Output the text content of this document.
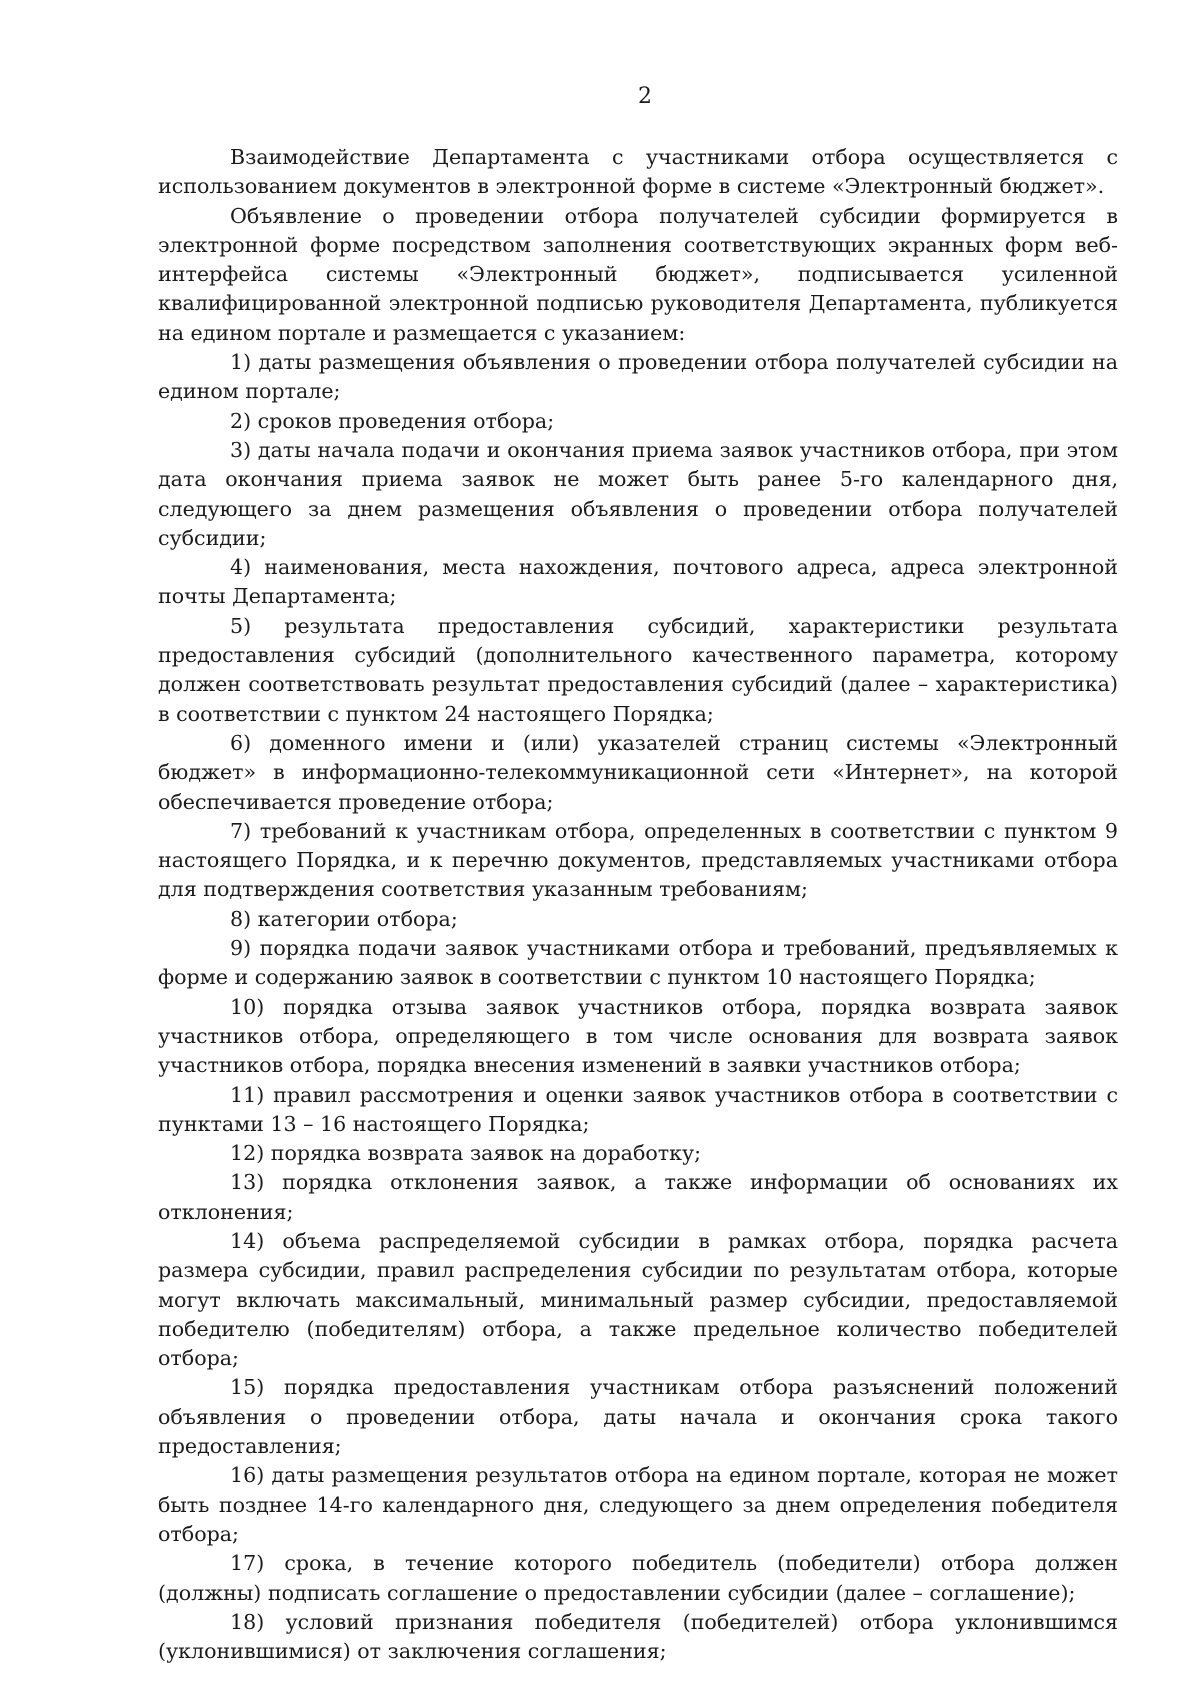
2

Взаимодействие Департамента с участниками отбора осуществляется с использованием документов в электронной форме в системе «Электронный бюджет».

Объявление о проведении отбора получателей субсидии формируется в электронной форме посредством заполнения соответствующих экранных форм веб-интерфейса системы «Электронный бюджет», подписывается усиленной квалифицированной электронной подписью руководителя Департамента, публикуется на едином портале и размещается с указанием:

1) даты размещения объявления о проведении отбора получателей субсидии на едином портале;

2) сроков проведения отбора;

3) даты начала подачи и окончания приема заявок участников отбора, при этом дата окончания приема заявок не может быть ранее 5-го календарного дня, следующего за днем размещения объявления о проведении отбора получателей субсидии;

4) наименования, места нахождения, почтового адреса, адреса электронной почты Департамента;

5) результата предоставления субсидий, характеристики результата предоставления субсидий (дополнительного качественного параметра, которому должен соответствовать результат предоставления субсидий (далее – характеристика) в соответствии с пунктом 24 настоящего Порядка;

6) доменного имени и (или) указателей страниц системы «Электронный бюджет» в информационно-телекоммуникационной сети «Интернет», на которой обеспечивается проведение отбора;

7) требований к участникам отбора, определенных в соответствии с пунктом 9 настоящего Порядка, и к перечню документов, представляемых участниками отбора для подтверждения соответствия указанным требованиям;

8) категории отбора;

9) порядка подачи заявок участниками отбора и требований, предъявляемых к форме и содержанию заявок в соответствии с пунктом 10 настоящего Порядка;

10) порядка отзыва заявок участников отбора, порядка возврата заявок участников отбора, определяющего в том числе основания для возврата заявок участников отбора, порядка внесения изменений в заявки участников отбора;

11) правил рассмотрения и оценки заявок участников отбора в соответствии с пунктами 13 – 16 настоящего Порядка;

12) порядка возврата заявок на доработку;

13) порядка отклонения заявок, а также информации об основаниях их отклонения;

14) объема распределяемой субсидии в рамках отбора, порядка расчета размера субсидии, правил распределения субсидии по результатам отбора, которые могут включать максимальный, минимальный размер субсидии, предоставляемой победителю (победителям) отбора, а также предельное количество победителей отбора;

15) порядка предоставления участникам отбора разъяснений положений объявления о проведении отбора, даты начала и окончания срока такого предоставления;

16) даты размещения результатов отбора на едином портале, которая не может быть позднее 14-го календарного дня, следующего за днем определения победителя отбора;

17) срока, в течение которого победитель (победители) отбора должен (должны) подписать соглашение о предоставлении субсидии (далее – соглашение);

18) условий признания победителя (победителей) отбора уклонившимся (уклонившимися) от заключения соглашения;
